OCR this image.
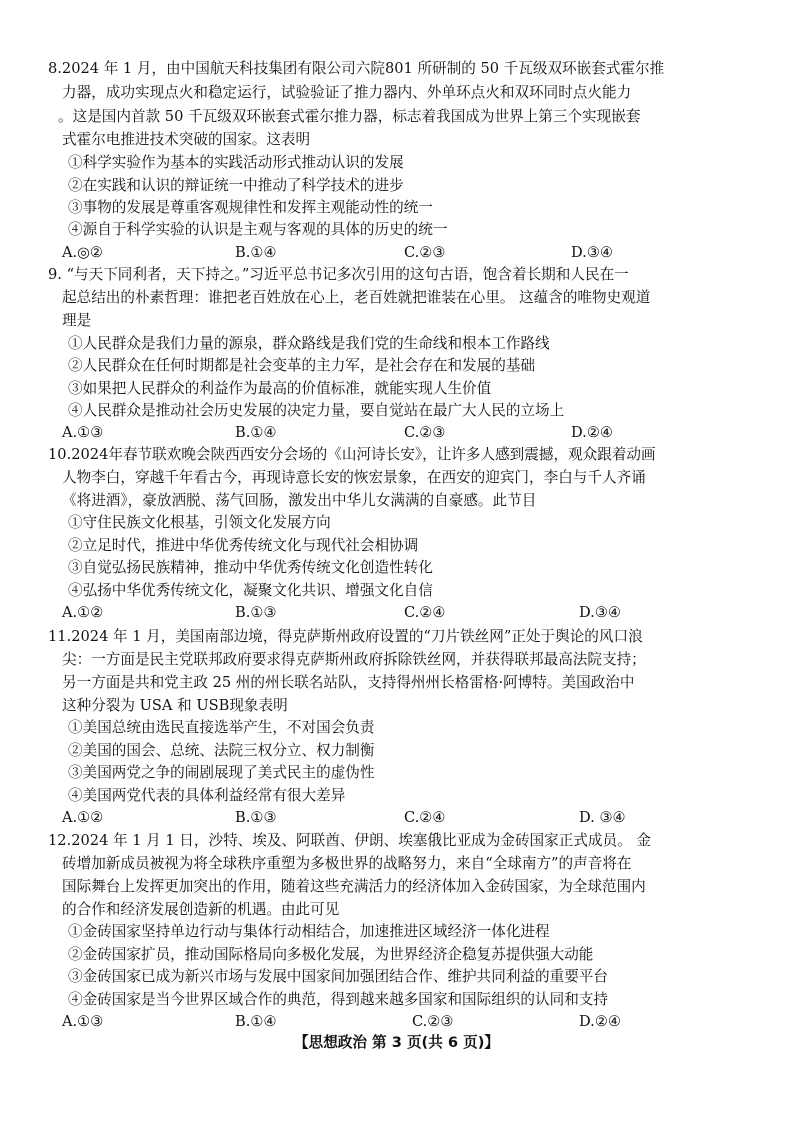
8.2024 年 1 月，由中国航天科技集团有限公司六院801 所研制的 50 千瓦级双环嵌套式霍尔推
力器，成功实现点火和稳定运行，试验验证了推力器内、外单环点火和双环同时点火能力
。这是国内首款 50 千瓦级双环嵌套式霍尔推力器，标志着我国成为世界上第三个实现嵌套
式霍尔电推进技术突破的国家。这表明
①科学实验作为基本的实践活动形式推动认识的发展
②在实践和认识的辩证统一中推动了科学技术的进步
③事物的发展是尊重客观规律性和发挥主观能动性的统一
④源自于科学实验的认识是主观与客观的具体的历史的统一
A.◎②	B.①④	C.②③	D.③④
9. “与天下同利者，天下持之。”习近平总书记多次引用的这句古语，饱含着长期和人民在一
起总结出的朴素哲理：谁把老百姓放在心上，老百姓就把谁装在心里。 这蕴含的唯物史观道
理是
①人民群众是我们力量的源泉，群众路线是我们党的生命线和根本工作路线
②人民群众在任何时期都是社会变革的主力军，是社会存在和发展的基础
③如果把人民群众的利益作为最高的价值标准，就能实现人生价值
④人民群众是推动社会历史发展的决定力量，要自觉站在最广大人民的立场上
A.①③	B.①④	C.②③	D.②④
10.2024年春节联欢晚会陕西西安分会场的《山河诗长安》，让许多人感到震撼，观众跟着动画
人物李白，穿越千年看古今，再现诗意长安的恢宏景象，在西安的迎宾门，李白与千人齐诵
《将进酒》，豪放洒脱、荡气回肠，激发出中华儿女满满的自豪感。此节目
①守住民族文化根基，引领文化发展方向
②立足时代，推进中华优秀传统文化与现代社会相协调
③自觉弘扬民族精神，推动中华优秀传统文化创造性转化
④弘扬中华优秀传统文化，凝聚文化共识、增强文化自信
A.①②	B.①③	C.②④	D.③④
11.2024 年 1 月，美国南部边境，得克萨斯州政府设置的“刀片铁丝网”正处于舆论的风口浪
尖：一方面是民主党联邦政府要求得克萨斯州政府拆除铁丝网，并获得联邦最高法院支持；
另一方面是共和党主政 25 州的州长联名站队，支持得州州长格雷格·阿博特。美国政治中
这种分裂为 USA 和 USB现象表明
①美国总统由选民直接选举产生，不对国会负责
②美国的国会、总统、法院三权分立、权力制衡
③美国两党之争的闹剧展现了美式民主的虚伪性
④美国两党代表的具体利益经常有很大差异
A.①②	B.①③	C.②④	D. ③④
12.2024 年 1 月 1 日，沙特、埃及、阿联酋、伊朗、埃塞俄比亚成为金砖国家正式成员。 金
砖增加新成员被视为将全球秩序重塑为多极世界的战略努力，来自“全球南方”的声音将在
国际舞台上发挥更加突出的作用，随着这些充满活力的经济体加入金砖国家，为全球范围内
的合作和经济发展创造新的机遇。由此可见
①金砖国家坚持单边行动与集体行动相结合，加速推进区域经济一体化进程
②金砖国家扩员，推动国际格局向多极化发展，为世界经济企稳复苏提供强大动能
③金砖国家已成为新兴市场与发展中国家间加强团结合作、维护共同利益的重要平台
④金砖国家是当今世界区域合作的典范，得到越来越多国家和国际组织的认同和支持
A.①③	B.①④	C.②③	D.②④
【思想政治 第 3 页(共 6 页)】
